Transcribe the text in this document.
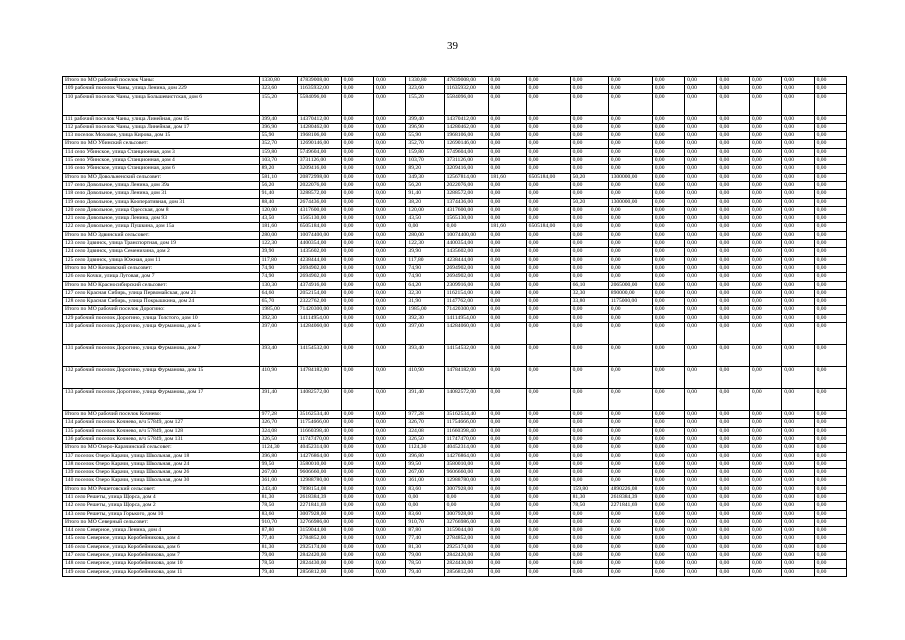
39
Итого по МО рабочий поселок Чаны:	1330,80	47839008,00	0,00	0,00	1330,80	47839008,00	0,00	0,00	0,00	0,00	0,00	0,00	0,00	0,00	0,00	0,00
109 рабочий поселок Чаны, улица Ленина, дом 229	323,60	11635932,00	0,00	0,00	323,60	11635932,00	0,00	0,00	0,00	0,00	0,00	0,00	0,00	0,00	0,00	0,00
110 рабочий поселок Чаны, улица Большевистская, дом 6	155,20	5584096,00	0,00	0,00	155,20	5584096,00	0,00	0,00	0,00	0,00	0,00	0,00	0,00	0,00	0,00	0,00
111 рабочий поселок Чаны, улица Линейная, дом 15	399,40	14370412,00	0,00	0,00	399,40	14370412,00	0,00	0,00	0,00	0,00	0,00	0,00	0,00	0,00	0,00	0,00
112 рабочий поселок Чаны, улица Линейная, дом 17	396,90	14280462,00	0,00	0,00	396,90	14280462,00	0,00	0,00	0,00	0,00	0,00	0,00	0,00	0,00	0,00	0,00
113 поселок Моховое, улица Кирова, дом 15	55,90	1968106,00	0,00	0,00	55,90	1968106,00	0,00	0,00	0,00	0,00	0,00	0,00	0,00	0,00	0,00	0,00
Итого по МО Убинский сельсовет:	352,70	12690146,00	0,00	0,00	352,70	12690146,00	0,00	0,00	0,00	0,00	0,00	0,00	0,00	0,00	0,00	0,00
114 село Убинское, улица Станционная, дом 3	159,80	5749604,00	0,00	0,00	159,80	5749604,00	0,00	0,00	0,00	0,00	0,00	0,00	0,00	0,00	0,00	0,00
115 село Убинское, улица Станционная, дом 4	103,70	3731126,00	0,00	0,00	103,70	3731126,00	0,00	0,00	0,00	0,00	0,00	0,00	0,00	0,00	0,00	0,00
116 село Убинское, улица Станционная, дом 6	89,20	3209416,00	0,00	0,00	89,20	3209416,00	0,00	0,00	0,00	0,00	0,00	0,00	0,00	0,00	0,00	0,00
Итого по МО Довольненский сельсовет:	581,10	20872998,00	0,00	0,00	349,30	12567814,00	181,60	6505184,00	50,20	1300000,00	0,00	0,00	0,00	0,00	0,00	0,00
117 село Довольное, улица Ленина, дом 39а	56,20	2022076,00	0,00	0,00	56,20	2022076,00	0,00	0,00	0,00	0,00	0,00	0,00	0,00	0,00	0,00	0,00
118 село Довольное, улица Ленина, дом 31	91,40	3288572,00	0,00	0,00	91,40	3288572,00	0,00	0,00	0,00	0,00	0,00	0,00	0,00	0,00	0,00	0,00
119 село Довольное, улица Кооперативная, дом 31	88,40	2674436,00	0,00	0,00	38,20	1374436,00	0,00	0,00	50,20	1300000,00	0,00	0,00	0,00	0,00	0,00	0,00
120 село Довольное, улица Одесская, дом 8	120,00	4317600,00	0,00	0,00	120,00	4317600,00	0,00	0,00	0,00	0,00	0,00	0,00	0,00	0,00	0,00	0,00
121 село Довольное, улица Ленина, дом 93	43,50	1565130,00	0,00	0,00	43,50	1565130,00	0,00	0,00	0,00	0,00	0,00	0,00	0,00	0,00	0,00	0,00
122 село Довольное, улица Пушкина, дом 15а	181,60	6505184,00	0,00	0,00	0,00	0,00	181,60	6505184,00	0,00	0,00	0,00	0,00	0,00	0,00	0,00	0,00
Итого по МО Здвинский сельсовет:	280,00	10074400,00	0,00	0,00	280,00	10074400,00	0,00	0,00	0,00	0,00	0,00	0,00	0,00	0,00	0,00	0,00
123 село Здвинск, улица Транспортная, дом 19	122,30	4400354,00	0,00	0,00	122,30	4400354,00	0,00	0,00	0,00	0,00	0,00	0,00	0,00	0,00	0,00	0,00
124 село Здвинск, улица Семенихина, дом 2	39,90	1435602,00	0,00	0,00	39,90	1435602,00	0,00	0,00	0,00	0,00	0,00	0,00	0,00	0,00	0,00	0,00
125 село Здвинск, улица Южная, дом 11	117,80	4238444,00	0,00	0,00	117,80	4238444,00	0,00	0,00	0,00	0,00	0,00	0,00	0,00	0,00	0,00	0,00
Итого по МО Кочковский сельсовет:	74,90	2694902,00	0,00	0,00	74,90	2694902,00	0,00	0,00	0,00	0,00	0,00	0,00	0,00	0,00	0,00	0,00
126 село Кочки, улица Луговая, дом 7	74,90	2694902,00	0,00	0,00	74,90	2694902,00	0,00	0,00	0,00	0,00	0,00	0,00	0,00	0,00	0,00	0,00
Итого по МО Красносибирский сельсовет:	130,30	4374916,00	0,00	0,00	64,20	2309916,00	0,00	0,00	66,10	2065000,00	0,00	0,00	0,00	0,00	0,00	0,00
127 село Красная Сибирь, улица Первомайская, дом 21	64,60	2052154,00	0,00	0,00	32,30	1162154,00	0,00	0,00	32,30	890000,00	0,00	0,00	0,00	0,00	0,00	0,00
128 село Красная Сибирь, улица Покрышкина, дом 24	65,70	2322762,00	0,00	0,00	31,90	1147762,00	0,00	0,00	33,80	1175000,00	0,00	0,00	0,00	0,00	0,00	0,00
Итого по МО рабочий поселок Дорогино:	1985,00	71420300,00	0,00	0,00	1985,00	71420300,00	0,00	0,00	0,00	0,00	0,00	0,00	0,00	0,00	0,00	0,00
129 рабочий поселок Дорогино, улица Толстого, дом 10	392,30	14114954,00	0,00	0,00	392,30	14114954,00	0,00	0,00	0,00	0,00	0,00	0,00	0,00	0,00	0,00	0,00
130 рабочий поселок Дорогино, улица Фурманова, дом 5	397,00	14284060,00	0,00	0,00	397,00	14284060,00	0,00	0,00	0,00	0,00	0,00	0,00	0,00	0,00	0,00	0,00
131 рабочий поселок Дорогино, улица Фурманова, дом 7	393,40	14154532,00	0,00	0,00	393,40	14154532,00	0,00	0,00	0,00	0,00	0,00	0,00	0,00	0,00	0,00	0,00
132 рабочий поселок Дорогино, улица Фурманова, дом 15	410,90	14784182,00	0,00	0,00	410,90	14784182,00	0,00	0,00	0,00	0,00	0,00	0,00	0,00	0,00	0,00	0,00
133 рабочий поселок Дорогино, улица Фурманова, дом 17	391,40	14082572,00	0,00	0,00	391,40	14082572,00	0,00	0,00	0,00	0,00	0,00	0,00	0,00	0,00	0,00	0,00
Итого по МО рабочий поселок Кочнево:	977,28	35162534,40	0,00	0,00	977,28	35162534,40	0,00	0,00	0,00	0,00	0,00	0,00	0,00	0,00	0,00	0,00
134 рабочий поселок Кочнево, в/ч 57849, дом 127	326,70	11754666,00	0,00	0,00	326,70	11754666,00	0,00	0,00	0,00	0,00	0,00	0,00	0,00	0,00	0,00	0,00
135 рабочий поселок Кочнево, в/ч 57849, дом 128	324,08	11660398,40	0,00	0,00	324,08	11660398,40	0,00	0,00	0,00	0,00	0,00	0,00	0,00	0,00	0,00	0,00
136 рабочий поселок Кочнево, в/ч 57849, дом 131	326,50	11747470,00	0,00	0,00	326,50	11747470,00	0,00	0,00	0,00	0,00	0,00	0,00	0,00	0,00	0,00	0,00
Итого по МО Озеро-Карачинский сельсовет:	1124,30	40452314,00	0,00	0,00	1124,30	40452314,00	0,00	0,00	0,00	0,00	0,00	0,00	0,00	0,00	0,00	0,00
137 поселок Озеро Карачи, улица Школьная, дом 18	396,80	14276864,00	0,00	0,00	396,80	14276864,00	0,00	0,00	0,00	0,00	0,00	0,00	0,00	0,00	0,00	0,00
138 поселок Озеро Карачи, улица Школьная, дом 24	99,50	3580010,00	0,00	0,00	99,50	3580010,00	0,00	0,00	0,00	0,00	0,00	0,00	0,00	0,00	0,00	0,00
139 поселок Озеро Карачи, улица Школьная, дом 26	267,00	9606660,00	0,00	0,00	267,00	9606660,00	0,00	0,00	0,00	0,00	0,00	0,00	0,00	0,00	0,00	0,00
140 поселок Озеро Карачи, улица Школьная, дом 30	361,00	12988780,00	0,00	0,00	361,00	12988780,00	0,00	0,00	0,00	0,00	0,00	0,00	0,00	0,00	0,00	0,00
Итого по МО Решетовский сельсовет:	243,40	7898154,08	0,00	0,00	83,60	3007928,00	0,00	0,00	159,80	4890226,08	0,00	0,00	0,00	0,00	0,00	0,00
141 село Решеты, улица Щорса, дом 4	81,30	2618384,39	0,00	0,00	0,00	0,00	0,00	0,00	81,30	2618384,39	0,00	0,00	0,00	0,00	0,00	0,00
142 село Решеты, улица Щорса, дом 2	78,50	2271841,69	0,00	0,00	0,00	0,00	0,00	0,00	78,50	2271841,69	0,00	0,00	0,00	0,00	0,00	0,00
143 село Решеты, улица Горького, дом 10	83,60	3007928,00	0,00	0,00	83,60	3007928,00	0,00	0,00	0,00	0,00	0,00	0,00	0,00	0,00	0,00	0,00
Итого по МО Северный сельсовет:	910,70	32766986,00	0,00	0,00	910,70	32766986,00	0,00	0,00	0,00	0,00	0,00	0,00	0,00	0,00	0,00	0,00
144 село Северное, улица Ленина, дом 4	87,80	3159044,00	0,00	0,00	87,80	3159044,00	0,00	0,00	0,00	0,00	0,00	0,00	0,00	0,00	0,00	0,00
145 село Северное, улица Коробейникова, дом 4	77,40	2784852,00	0,00	0,00	77,40	2784852,00	0,00	0,00	0,00	0,00	0,00	0,00	0,00	0,00	0,00	0,00
146 село Северное, улица Коробейникова, дом 6	81,30	2925174,00	0,00	0,00	81,30	2925174,00	0,00	0,00	0,00	0,00	0,00	0,00	0,00	0,00	0,00	0,00
147 село Северное, улица Коробейникова, дом 7	79,00	2842420,00	0,00	0,00	79,00	2842420,00	0,00	0,00	0,00	0,00	0,00	0,00	0,00	0,00	0,00	0,00
148 село Северное, улица Коробейникова, дом 10	78,50	2824430,00	0,00	0,00	78,50	2824430,00	0,00	0,00	0,00	0,00	0,00	0,00	0,00	0,00	0,00	0,00
149 село Северное, улица Коробейникова, дом 11	79,40	2856812,00	0,00	0,00	79,40	2856812,00	0,00	0,00	0,00	0,00	0,00	0,00	0,00	0,00	0,00	0,00
